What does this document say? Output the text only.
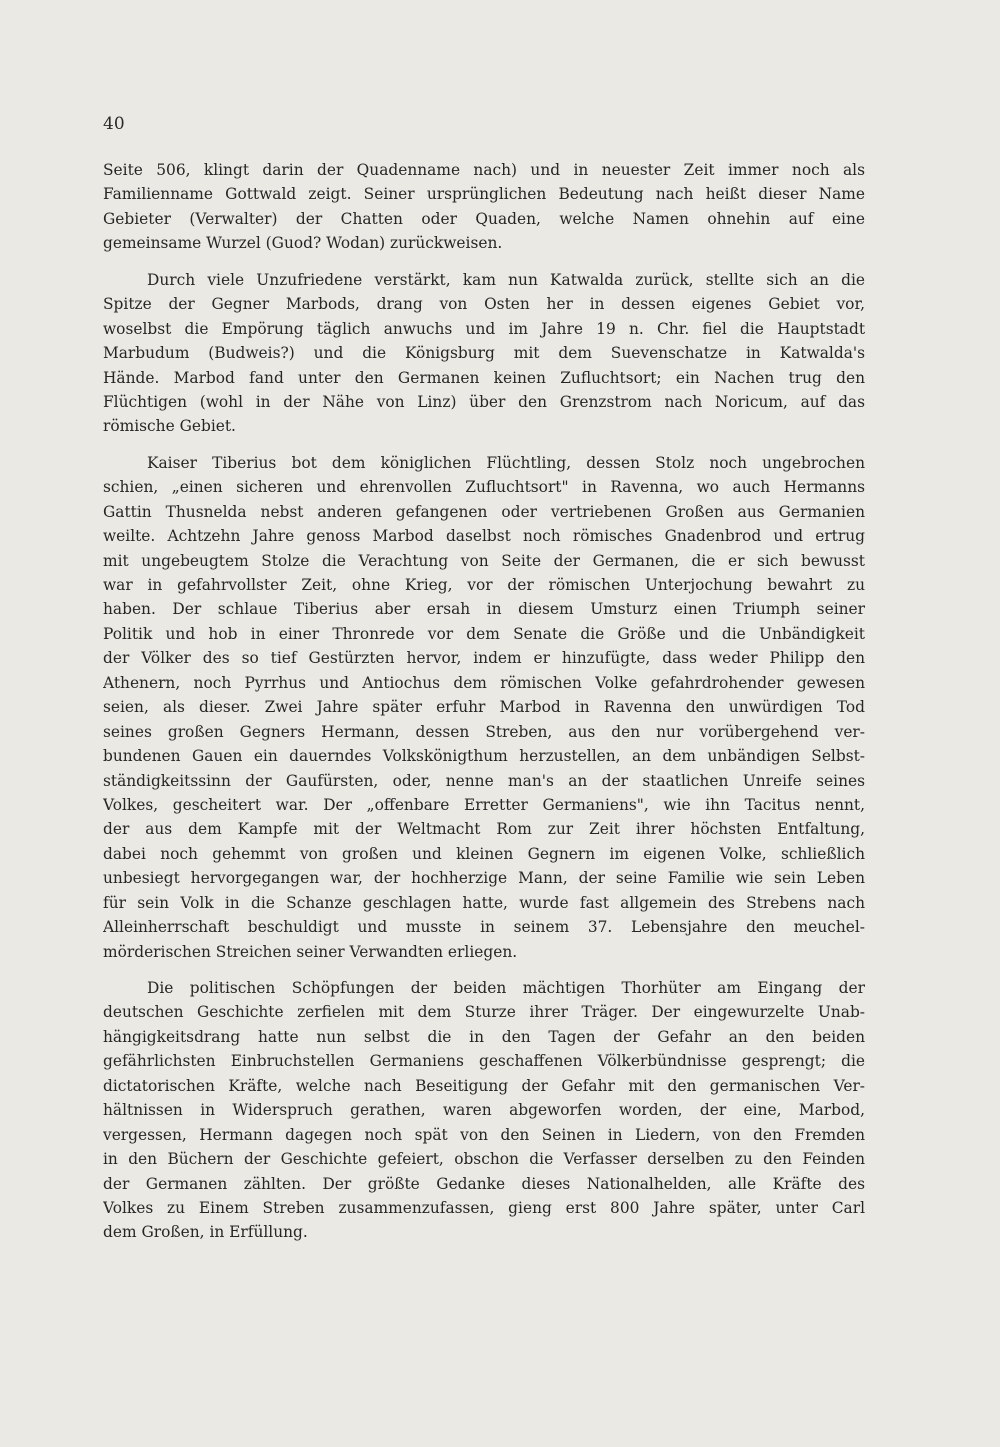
40
Seite 506, klingt darin der Quadenname nach) und in neuester Zeit immer noch als
Familienname Gottwald zeigt. Seiner ursprünglichen Bedeutung nach heißt dieser Name
Gebieter (Verwalter) der Chatten oder Quaden, welche Namen ohnehin auf eine
gemeinsame Wurzel (Guod? Wodan) zurückweisen.
Durch viele Unzufriedene verstärkt, kam nun Katwalda zurück, stellte sich an die
Spitze der Gegner Marbods, drang von Osten her in dessen eigenes Gebiet vor,
woselbst die Empörung täglich anwuchs und im Jahre 19 n. Chr. fiel die Hauptstadt
Marbudum (Budweis?) und die Königsburg mit dem Suevenschatze in Katwalda's
Hände. Marbod fand unter den Germanen keinen Zufluchtsort; ein Nachen trug den
Flüchtigen (wohl in der Nähe von Linz) über den Grenzstrom nach Noricum, auf das
römische Gebiet.
Kaiser Tiberius bot dem königlichen Flüchtling, dessen Stolz noch ungebrochen
schien, „einen sicheren und ehrenvollen Zufluchtsort" in Ravenna, wo auch Hermanns
Gattin Thusnelda nebst anderen gefangenen oder vertriebenen Großen aus Germanien
weilte. Achtzehn Jahre genoss Marbod daselbst noch römisches Gnadenbrod und ertrug
mit ungebeugtem Stolze die Verachtung von Seite der Germanen, die er sich bewusst
war in gefahrvollster Zeit, ohne Krieg, vor der römischen Unterjochung bewahrt zu
haben. Der schlaue Tiberius aber ersah in diesem Umsturz einen Triumph seiner
Politik und hob in einer Thronrede vor dem Senate die Größe und die Unbändigkeit
der Völker des so tief Gestürzten hervor, indem er hinzufügte, dass weder Philipp den
Athenern, noch Pyrrhus und Antiochus dem römischen Volke gefahrdrohender gewesen
seien, als dieser. Zwei Jahre später erfuhr Marbod in Ravenna den unwürdigen Tod
seines großen Gegners Hermann, dessen Streben, aus den nur vorübergehend ver-
bundenen Gauen ein dauerndes Volkskönigthum herzustellen, an dem unbändigen Selbst-
ständigkeitssinn der Gaufürsten, oder, nenne man's an der staatlichen Unreife seines
Volkes, gescheitert war. Der „offenbare Erretter Germaniens", wie ihn Tacitus nennt,
der aus dem Kampfe mit der Weltmacht Rom zur Zeit ihrer höchsten Entfaltung,
dabei noch gehemmt von großen und kleinen Gegnern im eigenen Volke, schließlich
unbesiegt hervorgegangen war, der hochherzige Mann, der seine Familie wie sein Leben
für sein Volk in die Schanze geschlagen hatte, wurde fast allgemein des Strebens nach
Alleinherrschaft beschuldigt und musste in seinem 37. Lebensjahre den meuchel-
mörderischen Streichen seiner Verwandten erliegen.
Die politischen Schöpfungen der beiden mächtigen Thorhüter am Eingang der
deutschen Geschichte zerfielen mit dem Sturze ihrer Träger. Der eingewurzelte Unab-
hängigkeitsdrang hatte nun selbst die in den Tagen der Gefahr an den beiden
gefährlichsten Einbruchstellen Germaniens geschaffenen Völkerbündnisse gesprengt; die
dictatorischen Kräfte, welche nach Beseitigung der Gefahr mit den germanischen Ver-
hältnissen in Widerspruch gerathen, waren abgeworfen worden, der eine, Marbod,
vergessen, Hermann dagegen noch spät von den Seinen in Liedern, von den Fremden
in den Büchern der Geschichte gefeiert, obschon die Verfasser derselben zu den Feinden
der Germanen zählten. Der größte Gedanke dieses Nationalhelden, alle Kräfte des
Volkes zu Einem Streben zusammenzufassen, gieng erst 800 Jahre später, unter Carl
dem Großen, in Erfüllung.
